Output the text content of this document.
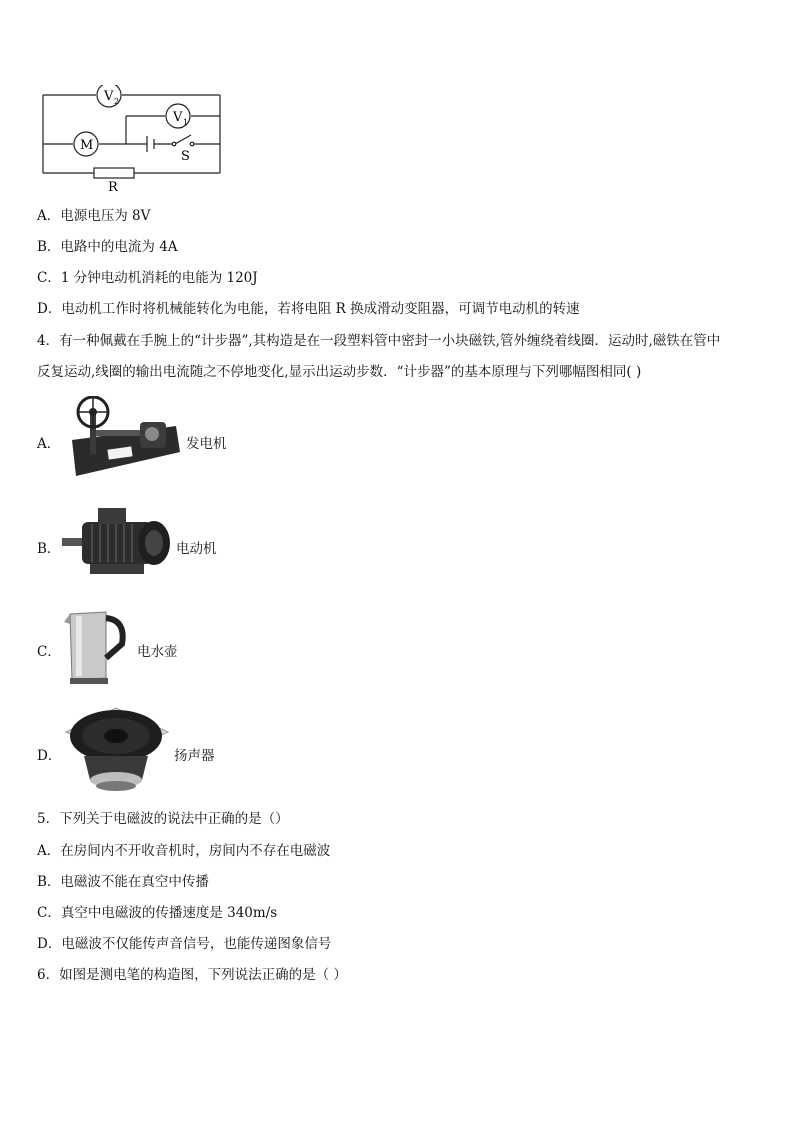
V 2
V 1
M
S
R
A．电源电压为 8V
B．电路中的电流为 4A
C．1 分钟电动机消耗的电能为 120J
D．电动机工作时将机械能转化为电能，若将电阻 R 换成滑动变阻器，可调节电动机的转速
4．有一种佩戴在手腕上的“计步器”,其构造是在一段塑料管中密封一小块磁铁,管外缠绕着线圈．运动时,磁铁在管中
反复运动,线圈的输出电流随之不停地变化,显示出运动步数．“计步器”的基本原理与下列哪幅图相同( )
A．	发电机
B．	电动机
C．	电水壶
D．	扬声器
5．下列关于电磁波的说法中正确的是（）
A．在房间内不开收音机时，房间内不存在电磁波
B．电磁波不能在真空中传播
C．真空中电磁波的传播速度是 340m/s
D．电磁波不仅能传声音信号，也能传递图象信号
6．如图是测电笔的构造图，下列说法正确的是（ ）
